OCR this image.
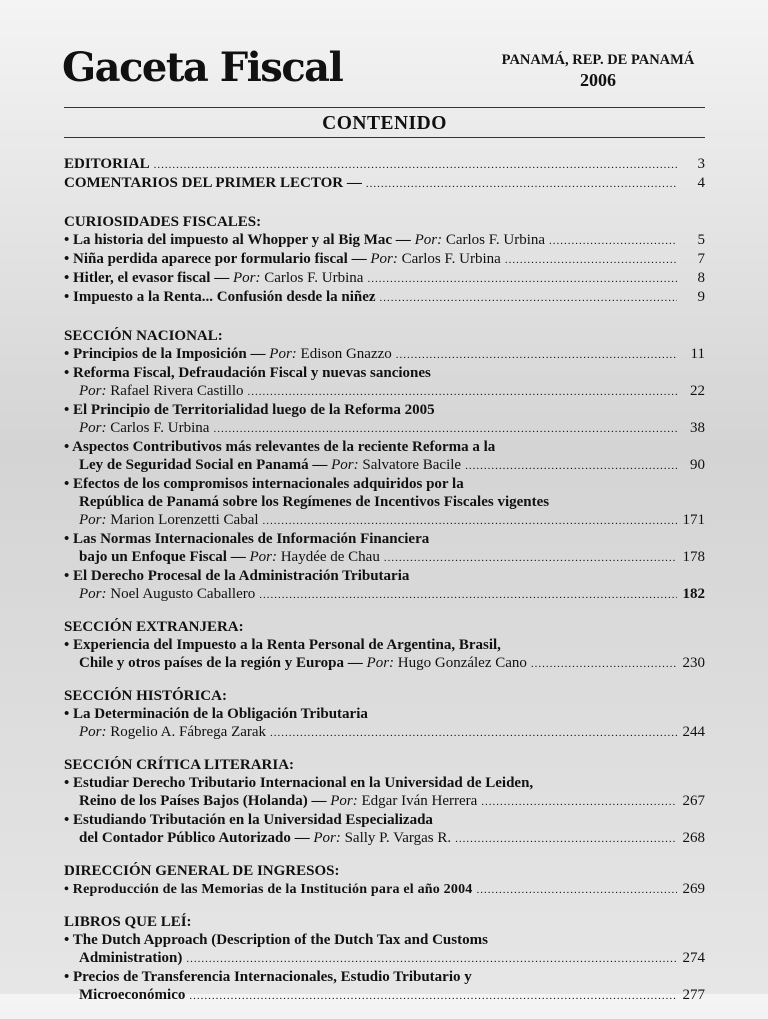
Gaceta Fiscal	PANAMÁ, REP. DE PANAMÁ
2006
CONTENIDO
EDITORIAL .....	3
COMENTARIOS DEL PRIMER LECTOR — .....	4
CURIOSIDADES FISCALES:
• La historia del impuesto al Whopper y al Big Mac — Por: Carlos F. Urbina .....	5
• Niña perdida aparece por formulario fiscal — Por: Carlos F. Urbina .....	7
• Hitler, el evasor fiscal — Por: Carlos F. Urbina .....	8
• Impuesto a la Renta... Confusión desde la niñez .....	9
SECCIÓN NACIONAL:
• Principios de la Imposición — Por: Edison Gnazzo .....	11
• Reforma Fiscal, Defraudación Fiscal y nuevas sanciones
Por: Rafael Rivera Castillo .....	22
• El Principio de Territorialidad luego de la Reforma 2005
Por: Carlos F. Urbina .....	38
• Aspectos Contributivos más relevantes de la reciente Reforma a la
Ley de Seguridad Social en Panamá — Por: Salvatore Bacile .....	90
• Efectos de los compromisos internacionales adquiridos por la
República de Panamá sobre los Regímenes de Incentivos Fiscales vigentes
Por: Marion Lorenzetti Cabal .....	171
• Las Normas Internacionales de Información Financiera
bajo un Enfoque Fiscal — Por: Haydée de Chau .....	178
• El Derecho Procesal de la Administración Tributaria
Por: Noel Augusto Caballero .....	182
SECCIÓN EXTRANJERA:
• Experiencia del Impuesto a la Renta Personal de Argentina, Brasil,
Chile y otros países de la región y Europa — Por: Hugo González Cano .....	230
SECCIÓN HISTÓRICA:
• La Determinación de la Obligación Tributaria
Por: Rogelio A. Fábrega Zarak .....	244
SECCIÓN CRÍTICA LITERARIA:
• Estudiar Derecho Tributario Internacional en la Universidad de Leiden,
Reino de los Países Bajos (Holanda) — Por: Edgar Iván Herrera .....	267
• Estudiando Tributación en la Universidad Especializada
del Contador Público Autorizado — Por: Sally P. Vargas R. .....	268
DIRECCIÓN GENERAL DE INGRESOS:
• Reproducción de las Memorias de la Institución para el año 2004 .....	269
LIBROS QUE LEÍ:
• The Dutch Approach (Description of the Dutch Tax and Customs
Administration) .....	274
• Precios de Transferencia Internacionales, Estudio Tributario y
Microeconómico .....	277
